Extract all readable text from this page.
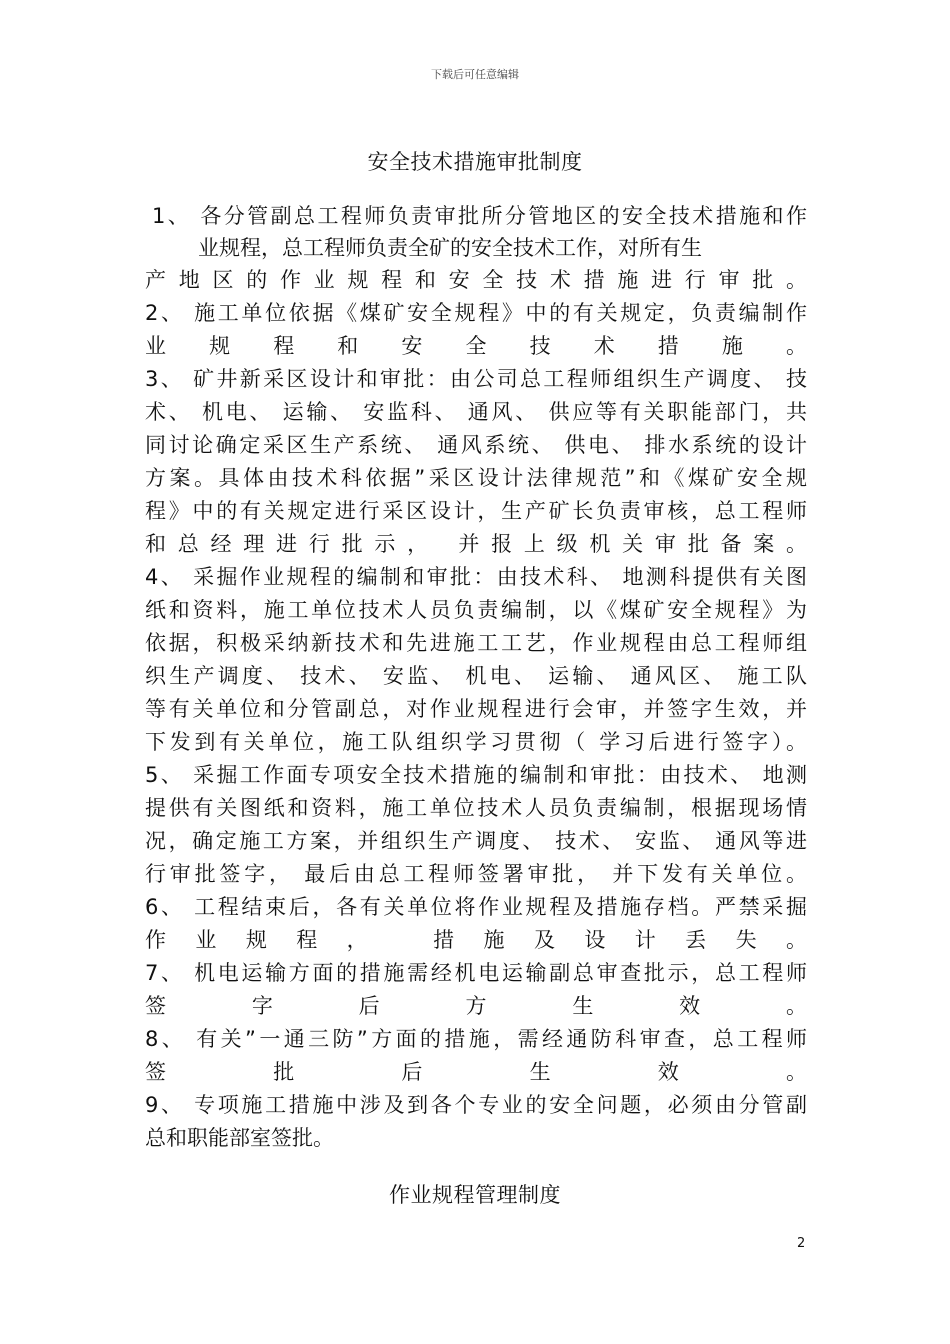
下载后可任意编辑
安全技术措施审批制度
1、 各分管副总工程师负责审批所分管地区的安全技术措施和作
业规程，总工程师负责全矿的安全技术工作，对所有生
产地区的作业规程和安全技术措施进行审批。
2、 施工单位依据《煤矿安全规程》中的有关规定，负责编制作
业规程和安全技术措施。
3、 矿井新采区设计和审批：由公司总工程师组织生产调度、 技
术、 机电、 运输、 安监科、 通风、 供应等有关职能部门，共
同讨论确定采区生产系统、 通风系统、 供电、 排水系统的设计
方案。具体由技术科依据”采区设计法律规范”和《煤矿安全规
程》中的有关规定进行采区设计，生产矿长负责审核，总工程师
和总经理进行批示， 并报上级机关审批备案。
4、 采掘作业规程的编制和审批：由技术科、 地测科提供有关图
纸和资料，施工单位技术人员负责编制，以《煤矿安全规程》为
依据，积极采纳新技术和先进施工工艺，作业规程由总工程师组
织生产调度、 技术、 安监、 机电、 运输、 通风区、 施工队
等有关单位和分管副总，对作业规程进行会审，并签字生效，并
下发到有关单位，施工队组织学习贯彻（ 学习后进行签字）。
5、 采掘工作面专项安全技术措施的编制和审批：由技术、 地测
提供有关图纸和资料，施工单位技术人员负责编制，根据现场情
况，确定施工方案，并组织生产调度、 技术、 安监、 通风等进
行审批签字， 最后由总工程师签署审批， 并下发有关单位。
6、 工程结束后，各有关单位将作业规程及措施存档。严禁采掘
作业规程， 措施及设计丢失。
7、 机电运输方面的措施需经机电运输副总审查批示，总工程师
签字后方生效。
8、 有关”一通三防”方面的措施，需经通防科审查，总工程师
签批后生效。
9、 专项施工措施中涉及到各个专业的安全问题，必须由分管副
总和职能部室签批。
作业规程管理制度
2
